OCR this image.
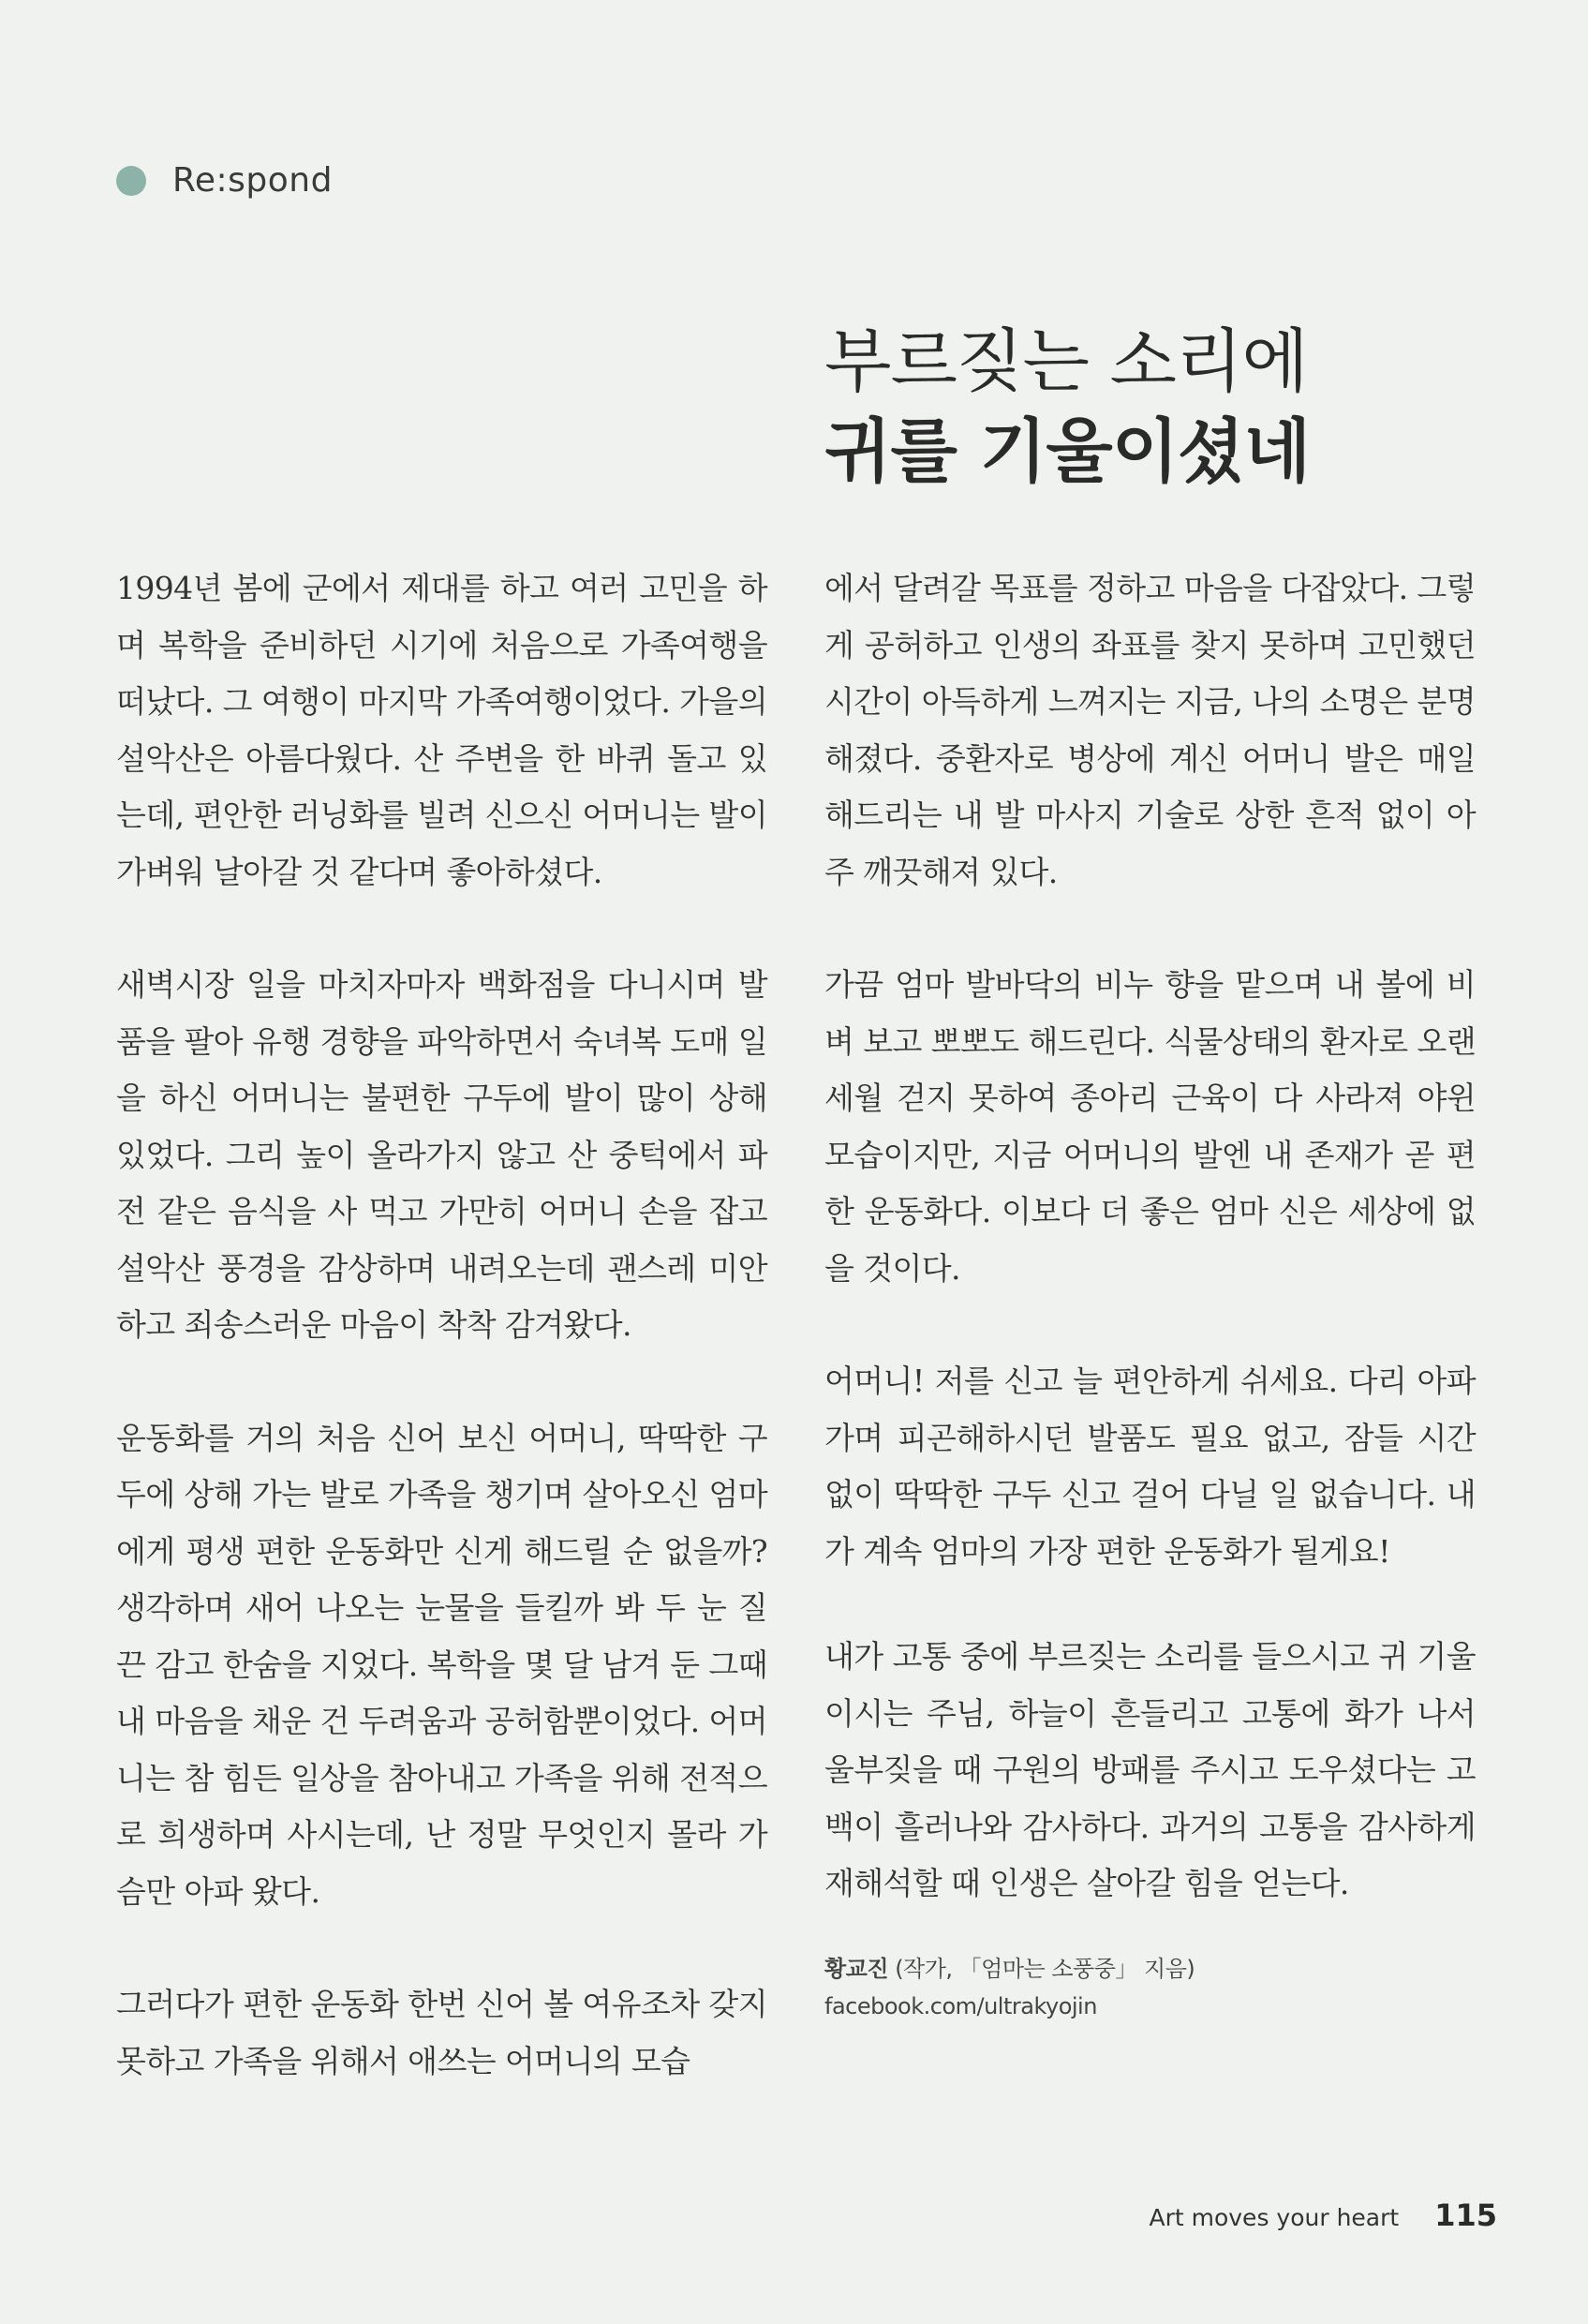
Re:spond
부르짖는 소리에
귀를 기울이셨네

1994년 봄에 군에서 제대를 하고 여러 고민을 하며 복학을 준비하던 시기에 처음으로 가족여행을 떠났다. 그 여행이 마지막 가족여행이었다. 가을의 설악산은 아름다웠다. 산 주변을 한 바퀴 돌고 있는데, 편안한 러닝화를 빌려 신으신 어머니는 발이 가벼워 날아갈 것 같다며 좋아하셨다.

새벽시장 일을 마치자마자 백화점을 다니시며 발품을 팔아 유행 경향을 파악하면서 숙녀복 도매 일을 하신 어머니는 불편한 구두에 발이 많이 상해 있었다. 그리 높이 올라가지 않고 산 중턱에서 파전 같은 음식을 사 먹고 가만히 어머니 손을 잡고 설악산 풍경을 감상하며 내려오는데 괜스레 미안하고 죄송스러운 마음이 착착 감겨왔다.

운동화를 거의 처음 신어 보신 어머니, 딱딱한 구두에 상해 가는 발로 가족을 챙기며 살아오신 엄마에게 평생 편한 운동화만 신게 해드릴 순 없을까? 생각하며 새어 나오는 눈물을 들킬까 봐 두 눈 질끈 감고 한숨을 지었다. 복학을 몇 달 남겨 둔 그때 내 마음을 채운 건 두려움과 공허함뿐이었다. 어머니는 참 힘든 일상을 참아내고 가족을 위해 전적으로 희생하며 사시는데, 난 정말 무엇인지 몰라 가슴만 아파 왔다.

그러다가 편한 운동화 한번 신어 볼 여유조차 갖지 못하고 가족을 위해서 애쓰는 어머니의 모습

에서 달려갈 목표를 정하고 마음을 다잡았다. 그렇게 공허하고 인생의 좌표를 찾지 못하며 고민했던 시간이 아득하게 느껴지는 지금, 나의 소명은 분명해졌다. 중환자로 병상에 계신 어머니 발은 매일 해드리는 내 발 마사지 기술로 상한 흔적 없이 아주 깨끗해져 있다.

가끔 엄마 발바닥의 비누 향을 맡으며 내 볼에 비벼 보고 뽀뽀도 해드린다. 식물상태의 환자로 오랜 세월 걷지 못하여 종아리 근육이 다 사라져 야윈 모습이지만, 지금 어머니의 발엔 내 존재가 곧 편한 운동화다. 이보다 더 좋은 엄마 신은 세상에 없을 것이다.

어머니! 저를 신고 늘 편안하게 쉬세요. 다리 아파가며 피곤해하시던 발품도 필요 없고, 잠들 시간 없이 딱딱한 구두 신고 걸어 다닐 일 없습니다. 내가 계속 엄마의 가장 편한 운동화가 될게요!

내가 고통 중에 부르짖는 소리를 들으시고 귀 기울이시는 주님, 하늘이 흔들리고 고통에 화가 나서 울부짖을 때 구원의 방패를 주시고 도우셨다는 고백이 흘러나와 감사하다. 과거의 고통을 감사하게 재해석할 때 인생은 살아갈 힘을 얻는다.

황교진 (작가, 「엄마는 소풍중」 지음)
facebook.com/ultrakyojin
Art moves your heart 115
